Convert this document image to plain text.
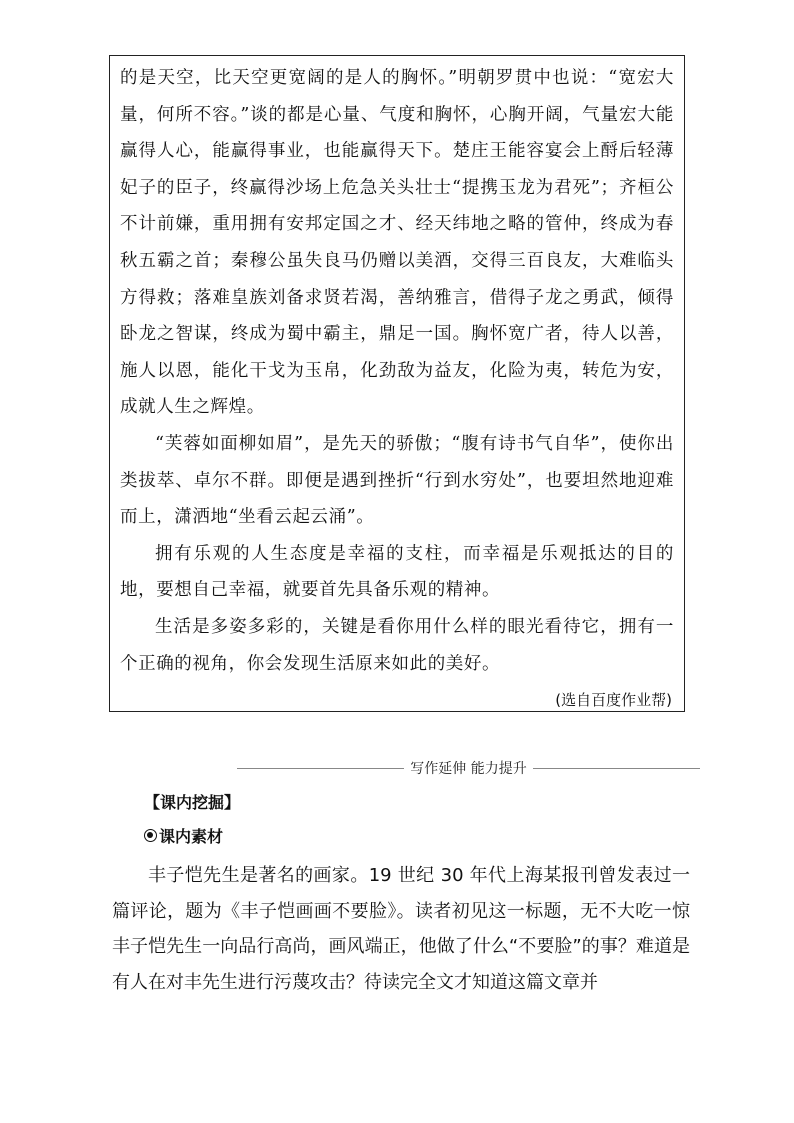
的是天空，比天空更宽阔的是人的胸怀。”明朝罗贯中也说：“宽宏大量，何所不容。”谈的都是心量、气度和胸怀，心胸开阔，气量宏大能赢得人心，能赢得事业，也能赢得天下。楚庄王能容宴会上酹后轻薄妃子的臣子，终赢得沙场上危急关头壮士“提携玉龙为君死”；齐桓公不计前嫌，重用拥有安邦定国之才、经天纬地之略的管仲，终成为春秋五霸之首；秦穆公虽失良马仍赠以美酒，交得三百良友，大难临头方得救；落难皇族刘备求贤若渴，善纳雅言，借得子龙之勇武，倾得卧龙之智谋，终成为蜀中霸主，鼎足一国。胸怀宽广者，待人以善，施人以恩，能化干戈为玉帛，化劲敌为益友，化险为夷，转危为安，成就人生之辉煌。

“芙蓉如面柳如眉”，是先天的骄傲；“腹有诗书气自华”，使你出类拔萃、卓尔不群。即便是遇到挫折“行到水穷处”，也要坦然地迎难而上，潇洒地“坐看云起云涌”。

拥有乐观的人生态度是幸福的支柱，而幸福是乐观抵达的目的地，要想自己幸福，就要首先具备乐观的精神。

生活是多姿多彩的，关键是看你用什么样的眼光看待它，拥有一个正确的视角，你会发现生活原来如此的美好。

(选自百度作业帮)

写作延伸 能力提升
【课内挖掘】
课内素材

丰子恺先生是著名的画家。19 世纪 30 年代上海某报刊曾发表过一篇评论，题为《丰子恺画画不要脸》。读者初见这一标题，无不大吃一惊 丰子恺先生一向品行高尚，画风端正，他做了什么“不要脸”的事？难道是有人在对丰先生进行污蔑攻击？待读完全文才知道这篇文章并
